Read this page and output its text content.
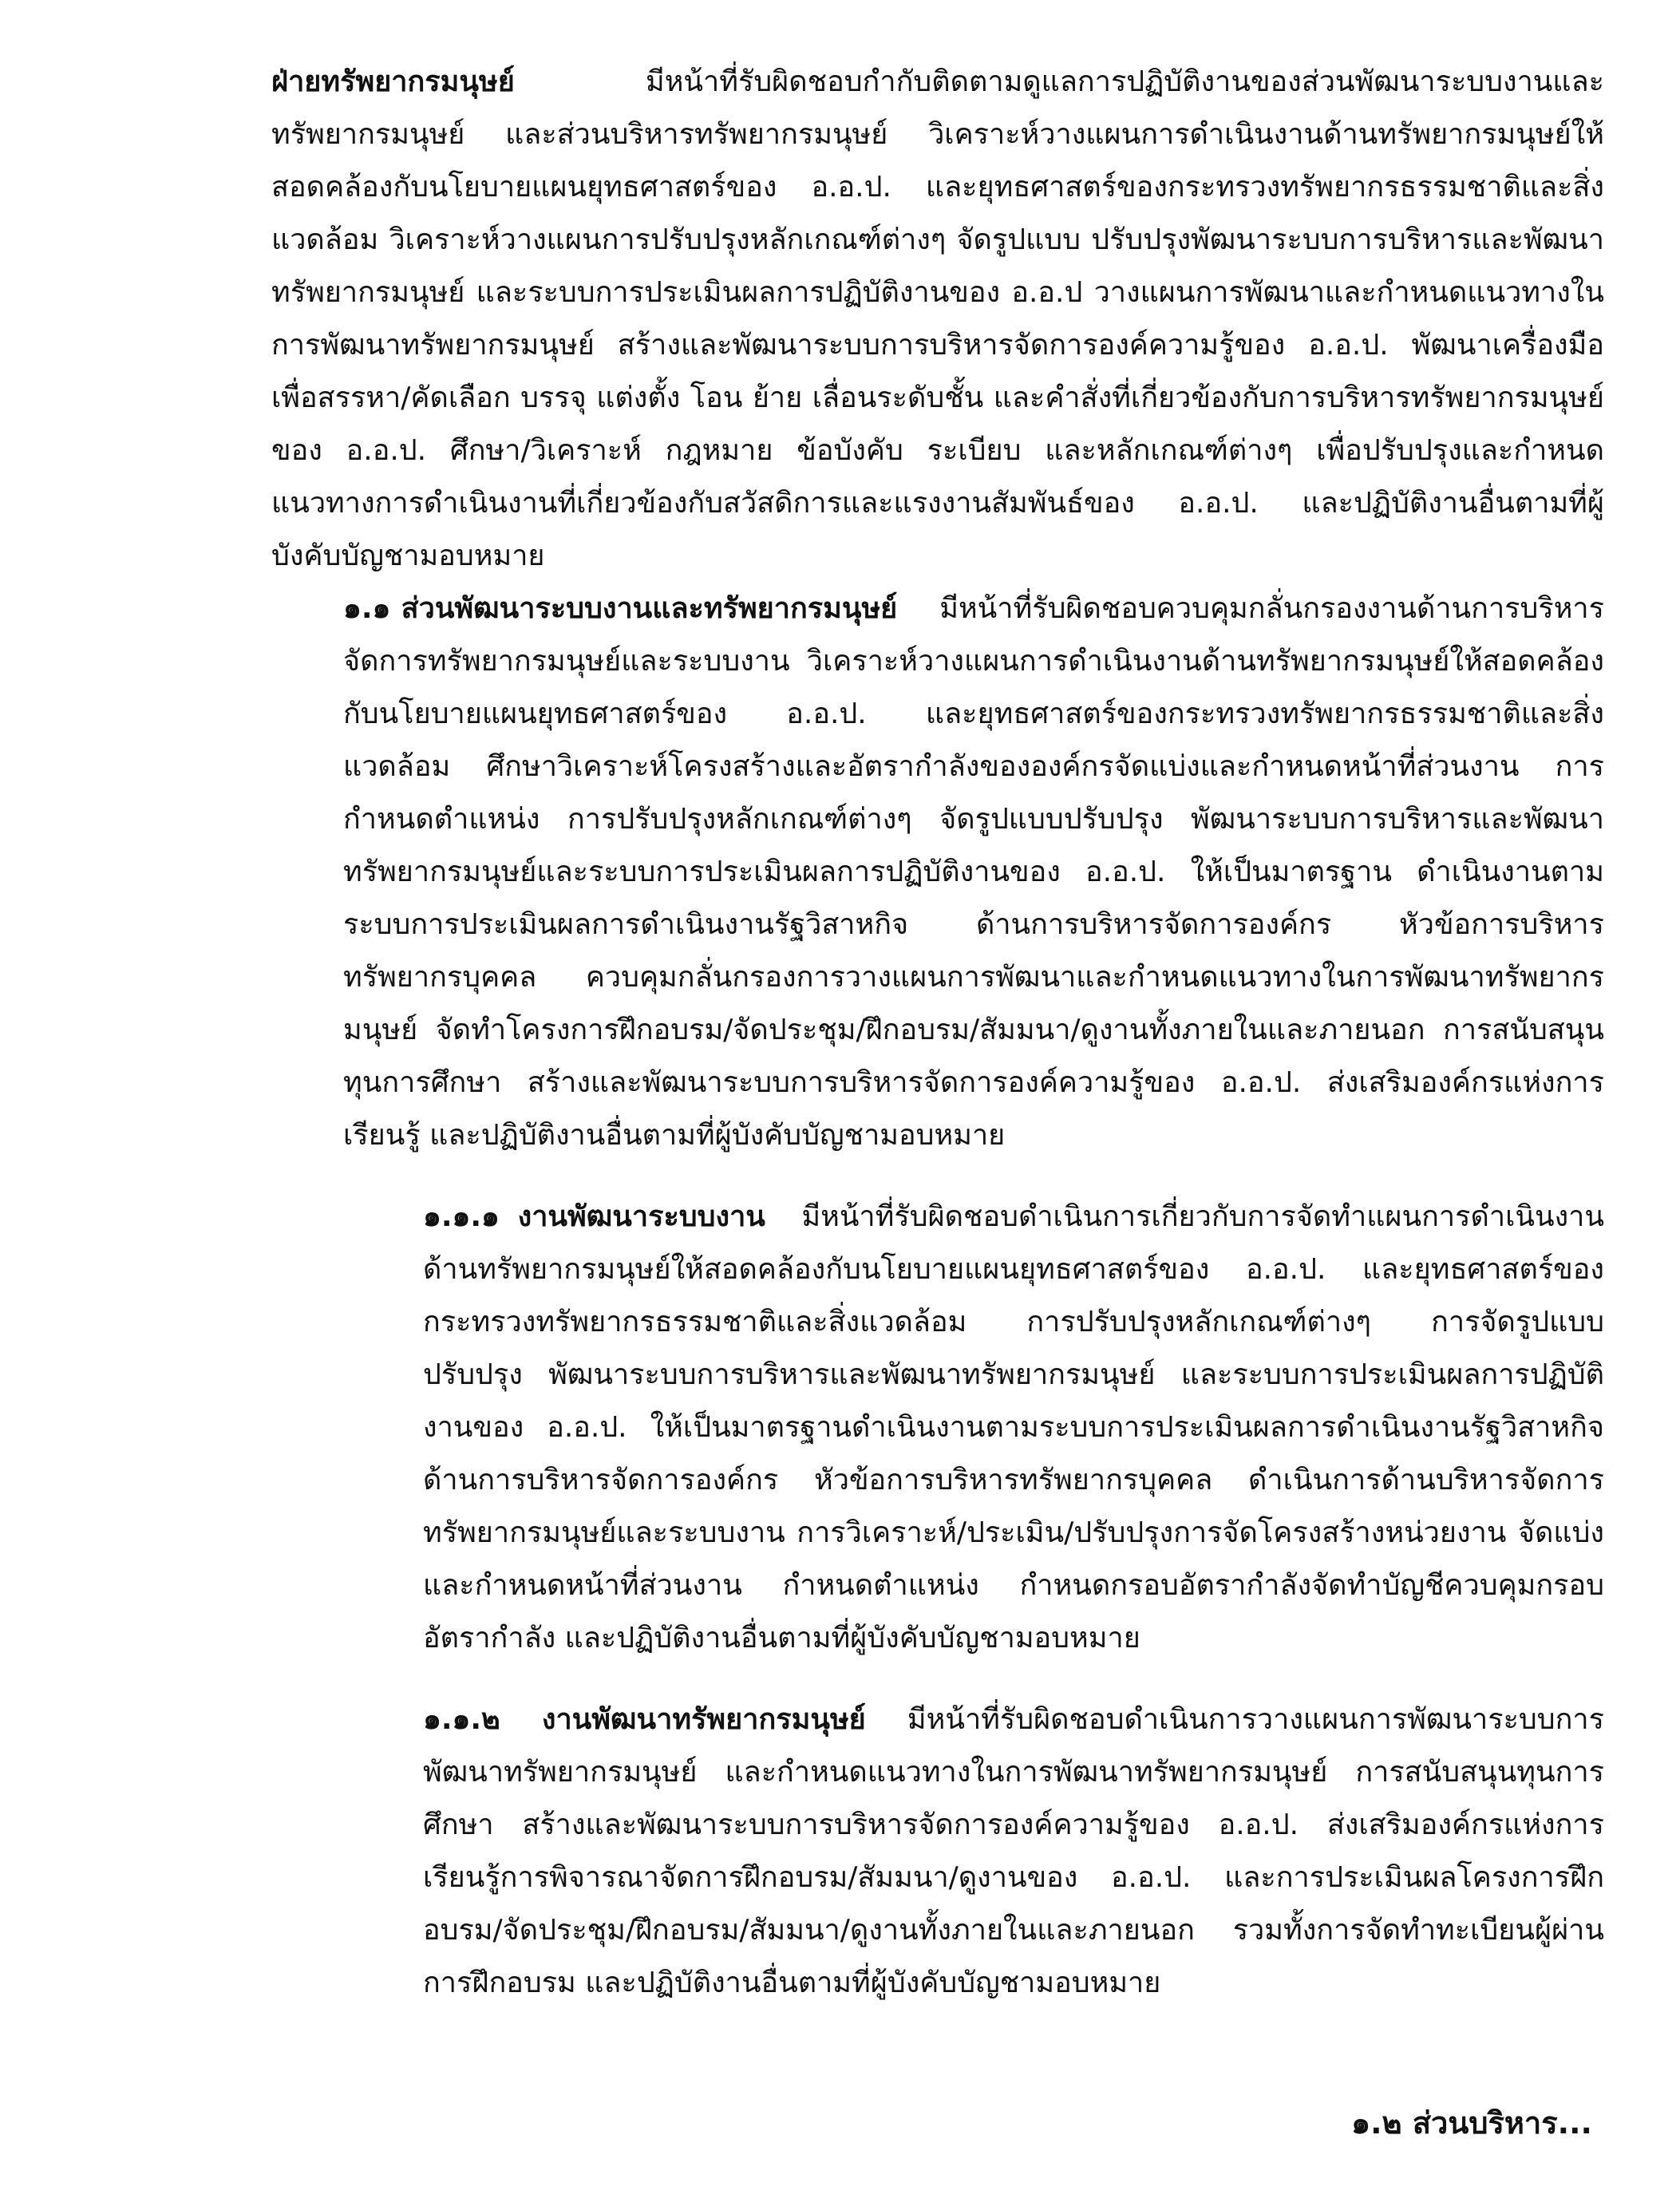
ฝ่ายทรัพยากรมนุษย์	มีหน้าที่รับผิดชอบกำกับติดตามดูแลการปฏิบัติงานของส่วนพัฒนาระบบงานและทรัพยากรมนุษย์ และส่วนบริหารทรัพยากรมนุษย์ วิเคราะห์วางแผนการดำเนินงานด้านทรัพยากรมนุษย์ให้สอดคล้องกับนโยบายแผนยุทธศาสตร์ของ อ.อ.ป. และยุทธศาสตร์ของกระทรวงทรัพยากรธรรมชาติและสิ่งแวดล้อม วิเคราะห์วางแผนการปรับปรุงหลักเกณฑ์ต่างๆ จัดรูปแบบ ปรับปรุงพัฒนาระบบการบริหารและพัฒนาทรัพยากรมนุษย์ และระบบการประเมินผลการปฏิบัติงานของ อ.อ.ป วางแผนการพัฒนาและกำหนดแนวทางในการพัฒนาทรัพยากรมนุษย์ สร้างและพัฒนาระบบการบริหารจัดการองค์ความรู้ของ อ.อ.ป. พัฒนาเครื่องมือเพื่อสรรหา/คัดเลือก บรรจุ แต่งตั้ง โอน ย้าย เลื่อนระดับชั้น และคำสั่งที่เกี่ยวข้องกับการบริหารทรัพยากรมนุษย์ของ อ.อ.ป. ศึกษา/วิเคราะห์ กฎหมาย ข้อบังคับ ระเบียบ และหลักเกณฑ์ต่างๆ เพื่อปรับปรุงและกำหนดแนวทางการดำเนินงานที่เกี่ยวข้องกับสวัสดิการและแรงงานสัมพันธ์ของ อ.อ.ป. และปฏิบัติงานอื่นตามที่ผู้บังคับบัญชามอบหมาย

๑.๑ ส่วนพัฒนาระบบงานและทรัพยากรมนุษย์ มีหน้าที่รับผิดชอบควบคุมกลั่นกรองงานด้านการบริหารจัดการทรัพยากรมนุษย์และระบบงาน วิเคราะห์วางแผนการดำเนินงานด้านทรัพยากรมนุษย์ให้สอดคล้องกับนโยบายแผนยุทธศาสตร์ของ อ.อ.ป. และยุทธศาสตร์ของกระทรวงทรัพยากรธรรมชาติและสิ่งแวดล้อม ศึกษาวิเคราะห์โครงสร้างและอัตรากำลังขององค์กรจัดแบ่งและกำหนดหน้าที่ส่วนงาน การกำหนดตำแหน่ง การปรับปรุงหลักเกณฑ์ต่างๆ จัดรูปแบบปรับปรุง พัฒนาระบบการบริหารและพัฒนาทรัพยากรมนุษย์และระบบการประเมินผลการปฏิบัติงานของ อ.อ.ป. ให้เป็นมาตรฐาน ดำเนินงานตามระบบการประเมินผลการดำเนินงานรัฐวิสาหกิจ ด้านการบริหารจัดการองค์กร หัวข้อการบริหารทรัพยากรบุคคล ควบคุมกลั่นกรองการวางแผนการพัฒนาและกำหนดแนวทางในการพัฒนาทรัพยากรมนุษย์ จัดทำโครงการฝึกอบรม/จัดประชุม/ฝึกอบรม/สัมมนา/ดูงานทั้งภายในและภายนอก การสนับสนุนทุนการศึกษา สร้างและพัฒนาระบบการบริหารจัดการองค์ความรู้ของ อ.อ.ป. ส่งเสริมองค์กรแห่งการเรียนรู้ และปฏิบัติงานอื่นตามที่ผู้บังคับบัญชามอบหมาย

๑.๑.๑ งานพัฒนาระบบงาน มีหน้าที่รับผิดชอบดำเนินการเกี่ยวกับการจัดทำแผนการดำเนินงานด้านทรัพยากรมนุษย์ให้สอดคล้องกับนโยบายแผนยุทธศาสตร์ของ อ.อ.ป. และยุทธศาสตร์ของกระทรวงทรัพยากรธรรมชาติและสิ่งแวดล้อม การปรับปรุงหลักเกณฑ์ต่างๆ การจัดรูปแบบ ปรับปรุง พัฒนาระบบการบริหารและพัฒนาทรัพยากรมนุษย์ และระบบการประเมินผลการปฏิบัติงานของ อ.อ.ป. ให้เป็นมาตรฐานดำเนินงานตามระบบการประเมินผลการดำเนินงานรัฐวิสาหกิจ ด้านการบริหารจัดการองค์กร หัวข้อการบริหารทรัพยากรบุคคล ดำเนินการด้านบริหารจัดการทรัพยากรมนุษย์และระบบงาน การวิเคราะห์/ประเมิน/ปรับปรุงการจัดโครงสร้างหน่วยงาน จัดแบ่งและกำหนดหน้าที่ส่วนงาน กำหนดตำแหน่ง กำหนดกรอบอัตรากำลังจัดทำบัญชีควบคุมกรอบอัตรากำลัง และปฏิบัติงานอื่นตามที่ผู้บังคับบัญชามอบหมาย

๑.๑.๒ งานพัฒนาทรัพยากรมนุษย์ มีหน้าที่รับผิดชอบดำเนินการวางแผนการพัฒนาระบบการพัฒนาทรัพยากรมนุษย์ และกำหนดแนวทางในการพัฒนาทรัพยากรมนุษย์ การสนับสนุนทุนการศึกษา สร้างและพัฒนาระบบการบริหารจัดการองค์ความรู้ของ อ.อ.ป. ส่งเสริมองค์กรแห่งการเรียนรู้การพิจารณาจัดการฝึกอบรม/สัมมนา/ดูงานของ อ.อ.ป. และการประเมินผลโครงการฝึกอบรม/จัดประชุม/ฝึกอบรม/สัมมนา/ดูงานทั้งภายในและภายนอก รวมทั้งการจัดทำทะเบียนผู้ผ่านการฝึกอบรม และปฏิบัติงานอื่นตามที่ผู้บังคับบัญชามอบหมาย

๑.๒ ส่วนบริหาร...
